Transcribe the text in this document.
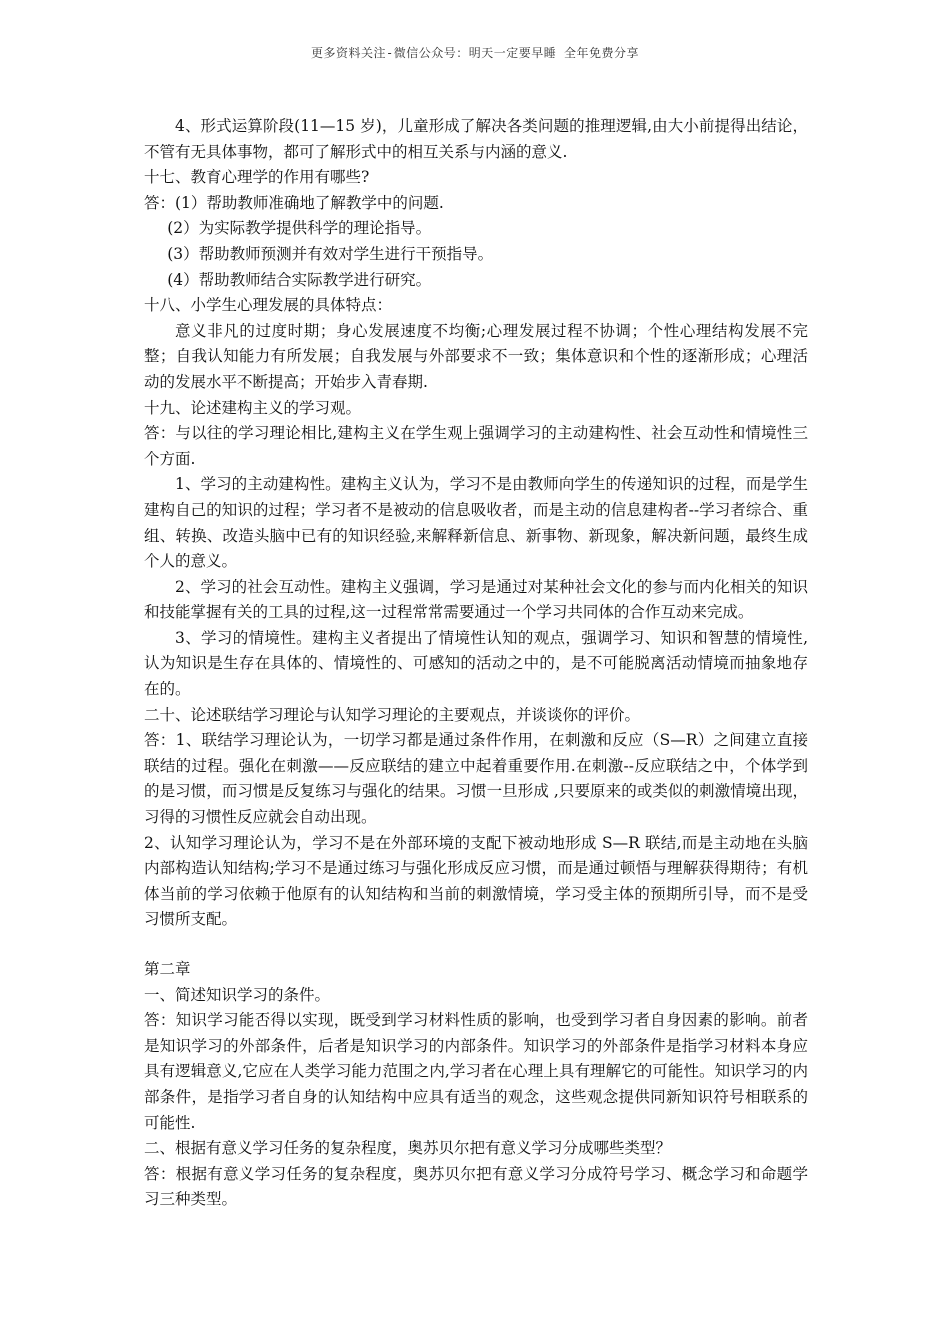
更多资料关注-微信公众号：明天一定要早睡 全年免费分享

4、形式运算阶段(11—15 岁)，儿童形成了解决各类问题的推理逻辑,由大小前提得出结论，不管有无具体事物，都可了解形式中的相互关系与内涵的意义.

十七、教育心理学的作用有哪些?

答：(1）帮助教师准确地了解教学中的问题.

(2）为实际教学提供科学的理论指导。

(3）帮助教师预测并有效对学生进行干预指导。

(4）帮助教师结合实际教学进行研究。

十八、小学生心理发展的具体特点：

意义非凡的过度时期；身心发展速度不均衡;心理发展过程不协调；个性心理结构发展不完整；自我认知能力有所发展；自我发展与外部要求不一致；集体意识和个性的逐渐形成；心理活动的发展水平不断提高；开始步入青春期.

十九、论述建构主义的学习观。

答：与以往的学习理论相比,建构主义在学生观上强调学习的主动建构性、社会互动性和情境性三个方面.

1、学习的主动建构性。建构主义认为，学习不是由教师向学生的传递知识的过程，而是学生建构自己的知识的过程；学习者不是被动的信息吸收者，而是主动的信息建构者--学习者综合、重组、转换、改造头脑中已有的知识经验,来解释新信息、新事物、新现象，解决新问题，最终生成个人的意义。

2、学习的社会互动性。建构主义强调，学习是通过对某种社会文化的参与而内化相关的知识和技能掌握有关的工具的过程,这一过程常常需要通过一个学习共同体的合作互动来完成。

3、学习的情境性。建构主义者提出了情境性认知的观点，强调学习、知识和智慧的情境性,认为知识是生存在具体的、情境性的、可感知的活动之中的，是不可能脱离活动情境而抽象地存在的。

二十、论述联结学习理论与认知学习理论的主要观点，并谈谈你的评价。

答：1、联结学习理论认为，一切学习都是通过条件作用，在刺激和反应（S—R）之间建立直接联结的过程。强化在刺激——反应联结的建立中起着重要作用.在刺激--反应联结之中，个体学到的是习惯，而习惯是反复练习与强化的结果。习惯一旦形成 ,只要原来的或类似的刺激情境出现，习得的习惯性反应就会自动出现。

2、认知学习理论认为，学习不是在外部环境的支配下被动地形成 S—R 联结,而是主动地在头脑内部构造认知结构;学习不是通过练习与强化形成反应习惯，而是通过顿悟与理解获得期待；有机体当前的学习依赖于他原有的认知结构和当前的刺激情境，学习受主体的预期所引导，而不是受习惯所支配。

第二章

一、简述知识学习的条件。

答：知识学习能否得以实现，既受到学习材料性质的影响，也受到学习者自身因素的影响。前者是知识学习的外部条件，后者是知识学习的内部条件。知识学习的外部条件是指学习材料本身应具有逻辑意义,它应在人类学习能力范围之内,学习者在心理上具有理解它的可能性。知识学习的内部条件，是指学习者自身的认知结构中应具有适当的观念，这些观念提供同新知识符号相联系的可能性.

二、根据有意义学习任务的复杂程度，奥苏贝尔把有意义学习分成哪些类型？

答：根据有意义学习任务的复杂程度，奥苏贝尔把有意义学习分成符号学习、概念学习和命题学习三种类型。
